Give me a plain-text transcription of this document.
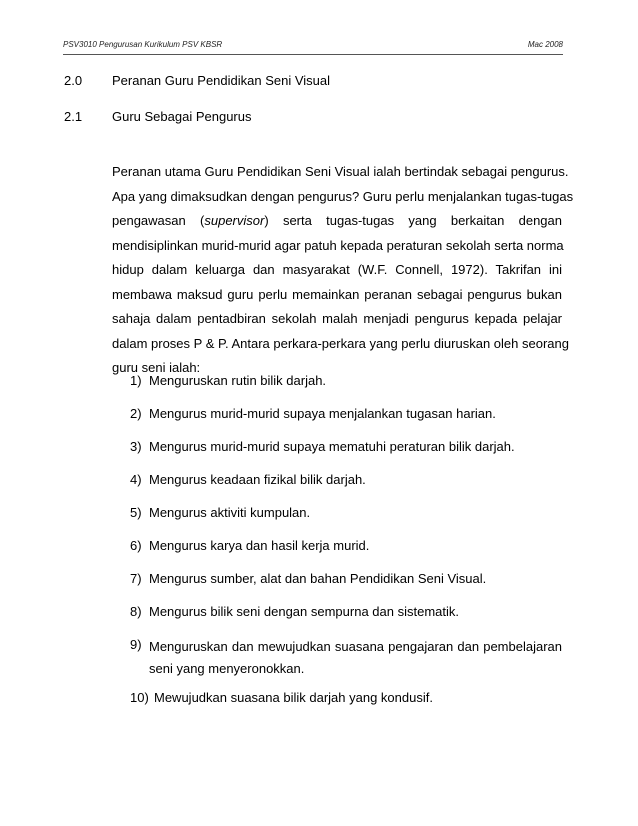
PSV3010 Pengurusan Kurikulum PSV KBSR	Mac 2008
2.0 Peranan Guru Pendidikan Seni Visual
2.1 Guru Sebagai Pengurus
Peranan utama Guru Pendidikan Seni Visual ialah bertindak sebagai pengurus.
Apa yang dimaksudkan dengan pengurus? Guru perlu menjalankan tugas-tugas
pengawasan (supervisor) serta tugas-tugas yang berkaitan dengan
mendisiplinkan murid-murid agar patuh kepada peraturan sekolah serta norma
hidup dalam keluarga dan masyarakat (W.F. Connell, 1972). Takrifan ini
membawa maksud guru perlu memainkan peranan sebagai pengurus bukan
sahaja dalam pentadbiran sekolah malah menjadi pengurus kepada pelajar
dalam proses P & P. Antara perkara-perkara yang perlu diuruskan oleh seorang
guru seni ialah:
1) Menguruskan rutin bilik darjah.
2) Mengurus murid-murid supaya menjalankan tugasan harian.
3) Mengurus murid-murid supaya mematuhi peraturan bilik darjah.
4) Mengurus keadaan fizikal bilik darjah.
5) Mengurus aktiviti kumpulan.
6) Mengurus karya dan hasil kerja murid.
7) Mengurus sumber, alat dan bahan Pendidikan Seni Visual.
8) Mengurus bilik seni dengan sempurna dan sistematik.
9) Menguruskan dan mewujudkan suasana pengajaran dan pembelajaran seni yang menyeronokkan.
10) Mewujudkan suasana bilik darjah yang kondusif.
